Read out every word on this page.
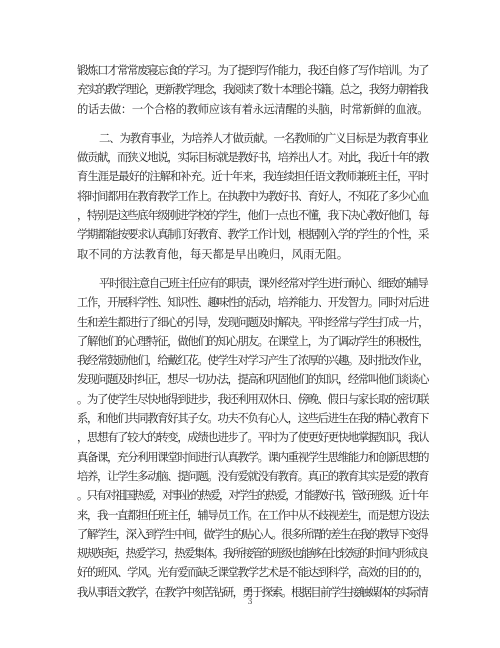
锻炼口才常常废寝忘食的学习。为了提到写作能力，我还自修了写作培训。为了
充实的教学理论，更新教学理念，我阅读了数十本理论书籍。总之，我努力朝着我
的话去做：一个合格的教师应该有着永远清醒的头脑，时常新鲜的血液。
二、为教育事业，为培养人才做贡献。一名教师的广义目标是为教育事业
做贡献，而狭义地说，实际目标就是教好书，培养出人才。对此，我近十年的教
育生涯是最好的注解和补充。近十年来，我连续担任语文教师兼班主任，平时
将时间都用在教育教学工作上。在执教中为教好书、育好人，不知花了多少心血
，特别是这些底年级刚进学校的学生，他们一点也不懂，我下决心教好他们，每
学期都能按要求认真制订好教育、教学工作计划，根据刚入学的学生的个性，采
取不同的方法教育他，每天都是早出晚归，风雨无阻。
平时很注意自己班主任应有的职责，课外经常对学生进行耐心、细致的辅导
工作，开展科学性、知识性、趣味性的活动，培养能力、开发智力。同时对后进
生和差生都进行了细心的引导，发现问题及时解决。平时经常与学生打成一片，
了解他们的心理特征，做他们的知心朋友。在课堂上，为了调动学生的积极性，
我经常鼓励他们，给戴红花。使学生对学习产生了浓厚的兴趣。及时批改作业，
发现问题及时纠正，想尽一切办法，提高和巩固他们的知识，经常叫他们谈谈心
。为了使学生尽快地得到进步，我还利用双休日、傍晚、假日与家长取的密切联
系，和他们共同教育好其子女。功夫不负有心人，这些后进生在我的精心教育下
，思想有了较大的转变，成绩也进步了。平时为了使更好更快地掌握知识，我认
真备课，充分利用课堂时间进行认真教学。课内重视学生思维能力和创新思想的
培养，让学生多动脑、提问题。没有爱就没有教育。真正的教育其实是爱的教育
。只有对祖国热爱，对事业的热爱，对学生的热爱，才能教好书，管好班级。近十年
来，我一直都担任班主任，辅导员工作。在工作中从不歧视差生，而是想方设法
了解学生，深入到学生中间，做学生的贴心人。很多所谓的差生在我的教导下变得
规规矩矩，热爱学习，热爱集体。我所接管的班级也能够在比较短的时间内形成良
好的班风、学风。光有爱而缺乏课堂教学艺术是不能达到科学，高效的目的的，
我从事语文教学，在教学中刻苦钻研，勇于探索。根据目前学生接触媒体的实际情
3
